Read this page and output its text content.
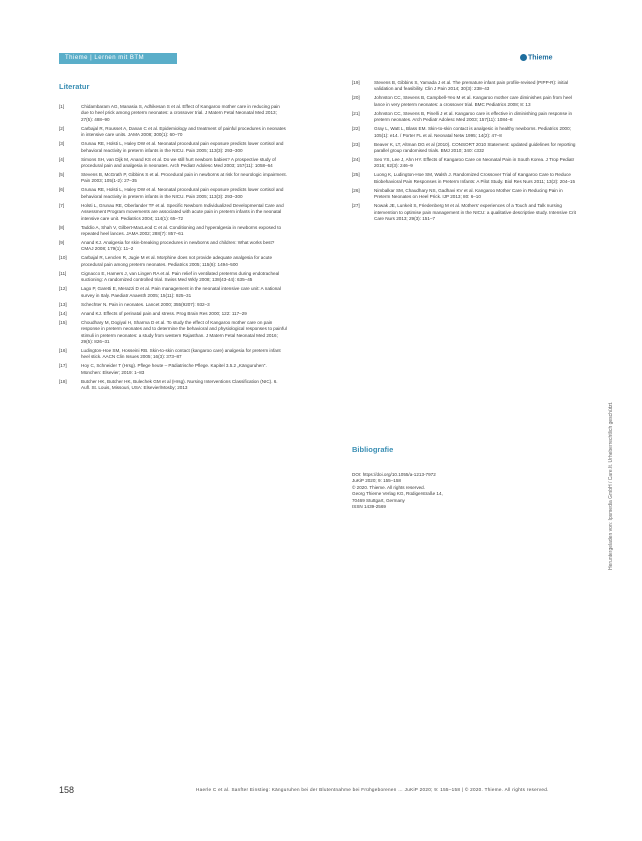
Thieme | Lernen mit BTM	Thieme
Literatur
[1]	Chidambaram AG, Manasia S, Adhikesan S et al. Effect of Kangaroo mother care in reducing pain due to heel prick among preterm neonates: a crossover trial. J Matern Fetal Neonatal Med 2013; 27(5): 488–90
[2]	Carbajal R, Rousset A, Danan C et al. Epidemiology and treatment of painful procedures in neonates in intensive care units. JAMA 2008; 300(1): 60–70
[3]	Grunau RE, Holsti L, Haley DW et al. Neonatal procedural pain exposure predicts lower cortisol and behavioral reactivity in preterm infants in the NICU. Pain 2005; 113(3): 293–300
[4]	Simons SH, van Dijk M, Anand KS et al. Do we still hurt newborn babies? A prospective study of procedural pain and analgesia in neonates. Arch Pediatr Adolesc Med 2003; 157(11): 1058–64
[5]	Stevens B, McGrath P, Gibbins S et al. Procedural pain in newborns at risk for neurologic impairment. Pain 2003; 105(1-2): 27–35
[6]	Grunau RE, Holsti L, Haley DW et al. Neonatal procedural pain exposure predicts lower cortisol and behavioral reactivity in preterm infants in the NICU. Pain 2005; 113(3): 293–300
[7]	Holsti L, Grunau RE, Oberlander TF et al. Specific Newborn Individualized Developmental Care and Assessment Program movements are associated with acute pain in preterm infants in the neonatal intensive care unit. Pediatrics 2004; 114(1): 65–72
[8]	Taddio A, Shah V, Gilbert-MacLeod C et al. Conditioning and hyperalgesia in newborns exposed to repeated heel lances. JAMA 2002; 288(7): 857–61
[9]	Anand KJ. Analgesia for skin-breaking procedures in newborns and children: What works best? CMAJ 2008; 179(1): 11–2
[10]	Carbajal R, Lenclen R, Jugie M et al. Morphine does not provide adequate analgesia for acute procedural pain among preterm neonates. Pediatrics 2005; 115(6): 1494–500
[11]	Cignacco E, Hamers J, van Lingen RA et al. Pain relief in ventilated preterms during endotracheal suctioning: A randomized controlled trial. Swiss Med Wkly 2008; 138(43-44): 635–45
[12]	Lago P, Garetti E, Merazzi D et al. Pain management in the neonatal intensive care unit: A national survey in Italy. Paediatr Anaesth 2005; 15(11): 925–31
[13]	Schechter N. Pain in neonates. Lancet 2000; 355(9207): 932–3
[14]	Anand KJ. Effects of perinatal pain and stress. Prog Brain Res 2000; 122: 117–29
[15]	Choudhary M, Dogiyal H, Sharma D et al. To study the effect of Kangaroo mother care on pain response in preterm neonates and to determine the behavioral and physiological responses to painful stimuli in preterm neonates: a study from western Rajasthan. J Matern Fetal Neonatal Med 2016; 29(5): 826–31
[16]	Ludington-Hoe SM, Hosseini RB. Skin-to-skin contact (kangaroo care) analgesia for preterm infant heel stick. AACN Clin Issues 2005; 16(3): 373–87
[17]	Hoy C, Schneider T (Hrsg). Pflege heute – Pädiatrische Pflege. Kapitel 3.5.2 „Känguruhen“. München: Elsevier; 2019: 1–83
[18]	Butcher HK, Butcher HK, Bulechek GM et al (Hrsg). Nursing Interventions Classification (NIC). 6. Aufl. St. Louis, Missouri, USA: Elsevier/Mosby; 2013
[19]	Stevens B, Gibbins S, Yamada J et al. The premature infant pain profile-revised (PIPP-R): initial validation and feasibility. Clin J Pain 2014; 30(3): 238–43
[20]	Johnston CC, Stevens B, Campbell-Yeo M et al. Kangaroo mother care diminishes pain from heel lance in very preterm neonates: a crossover trial. BMC Pediatrics 2008; 8: 13
[21]	Johnston CC, Stevens B, Pinelli J et al. Kangaroo care is effective in diminishing pain response in preterm neonates. Arch Pediatr Adolesc Med 2003; 157(11): 1084–8
[22]	Gray L, Watt L, Blass EM. Skin-to-skin contact is analgesic in healthy newborns. Pediatrics 2000; 105(1): e14. / Porter FL et al. Neonatal Netw 1995; 14(2): 47–8
[23]	Beaver K, LT, Altman DG et al (2010). CONSORT 2010 Statement: updated guidelines for reporting parallel group randomised trials. BMJ 2010; 340: c332
[24]	Seo YS, Lee J, Ahn HY. Effects of Kangaroo Care on Neonatal Pain in South Korea. J Trop Pediatr 2016; 62(3): 246–9
[25]	Luong K, Ludington-Hoe SM, Walsh J. Randomized Crossover Trial of Kangaroo Care to Reduce Biobehavioral Pain Responses in Preterm Infants: A Pilot Study. Biol Res Nurs 2011; 13(2): 204–15
[26]	Nimbalkar SM, Chaudhary NS, Gadhavi KV et al. Kangaroo Mother Care in Reducing Pain in Preterm Neonates on Heel Prick. IJP 2013; 80: 6–10
[27]	Nowak JE, Lunkeit S, Friedenberg M et al. Mothers' experiences of a Touch and Talk nursing intervention to optimise pain management in the NICU: a qualitative descriptive study. Intensive Crit Care Nurs 2013; 29(3): 151–7
Bibliografie
DOI: https://doi.org/10.1055/a-1213-7972
JuKiP 2020; 9: 155–158
© 2020. Thieme. All rights reserved.
Georg Thieme Verlag KG, Rüdigerstraße 14,
70469 Stuttgart, Germany
ISSN 1439-2569	Heruntergeladen von: Ipsmedia GmbH / Care.It. Urheberrechtlich geschützt.
158	Haerle C et al. Sanfter Einstieg: Känguruhen bei der Blutentnahme bei Frühgeborenen … JuKiP 2020; 9: 155–158 | © 2020. Thieme. All rights reserved.
